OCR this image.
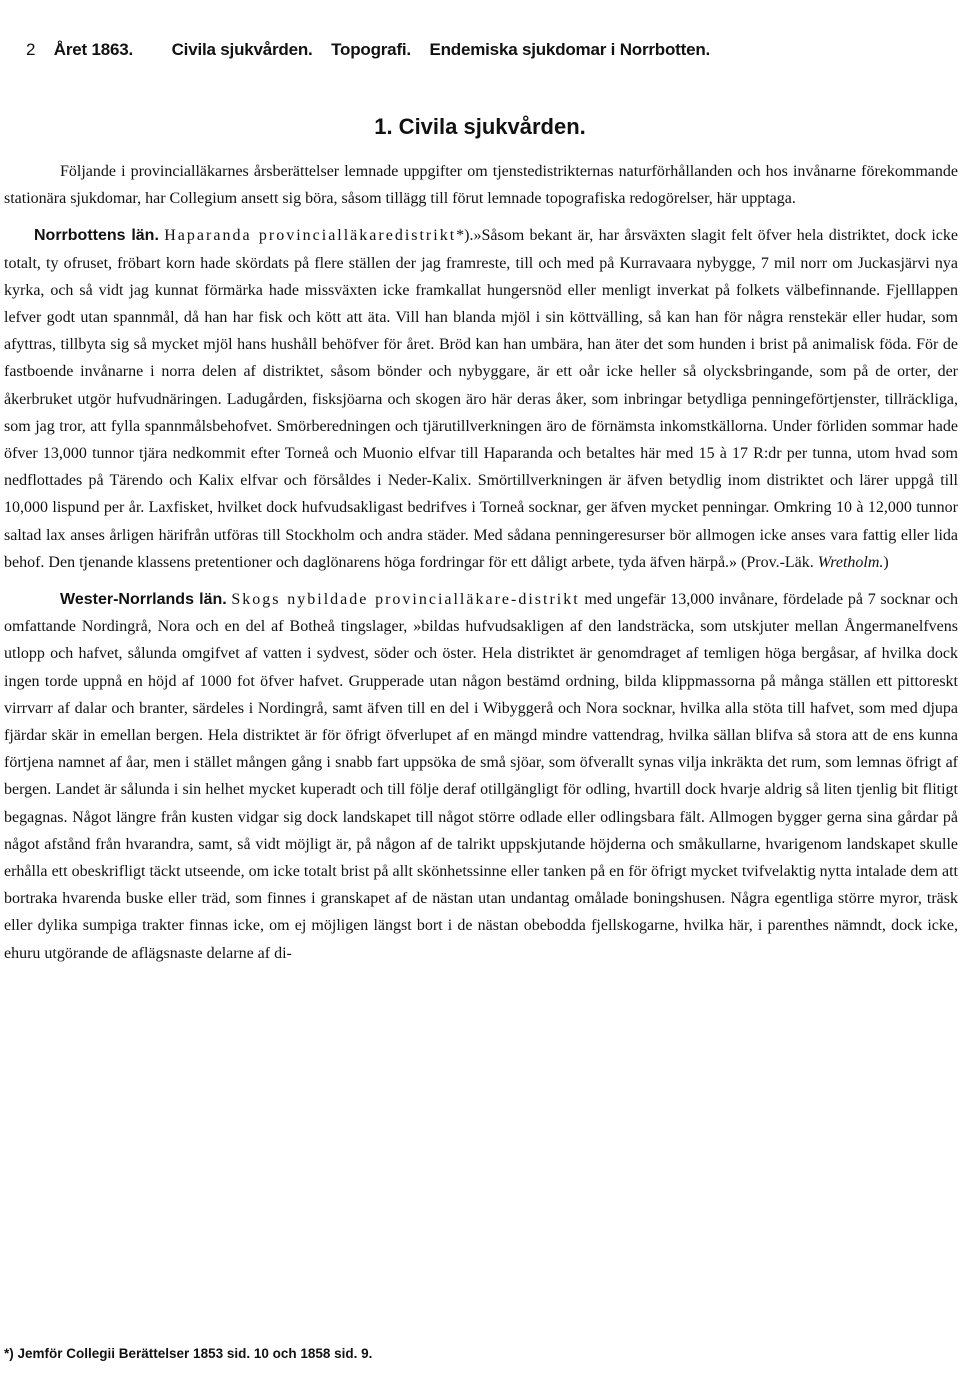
2 Året 1863. Civila sjukvården. Topografi. Endemiska sjukdomar i Norrbotten.
1. Civila sjukvården.

Följande i provincialläkarnes årsberättelser lemnade uppgifter om tjenstedistrikternas naturförhållanden och hos invånarne förekommande stationära sjukdomar, har Collegium ansett sig böra, såsom tillägg till förut lemnade topografiska redogörelser, här upptaga.

Norrbottens län. Haparanda provincialläkaredistrikt*).»Såsom bekant är, har årsväxten slagit felt öfver hela distriktet, dock icke totalt, ty ofruset, fröbart korn hade skördats på flere ställen der jag framreste, till och med på Kurravaara nybygge, 7 mil norr om Juckasjärvi nya kyrka, och så vidt jag kunnat förmärka hade missväxten icke framkallat hungersnöd eller menligt inverkat på folkets välbefinnande. Fjelllappen lefver godt utan spannmål, då han har fisk och kött att äta. Vill han blanda mjöl i sin köttvälling, så kan han för några renstekär eller hudar, som afyttras, tillbyta sig så mycket mjöl hans hushåll behöfver för året. Bröd kan han umbära, han äter det som hunden i brist på animalisk föda. För de fastboende invånarne i norra delen af distriktet, såsom bönder och nybyggare, är ett oår icke heller så olycksbringande, som på de orter, der åkerbruket utgör hufvudnäringen. Ladugården, fisksjöarna och skogen äro här deras åker, som inbringar betydliga penningeförtjenster, tillräckliga, som jag tror, att fylla spannmålsbehofvet. Smörberedningen och tjärutillverkningen äro de förnämsta inkomstkällorna. Under förliden sommar hade öfver 13,000 tunnor tjära nedkommit efter Torneå och Muonio elfvar till Haparanda och betaltes här med 15 à 17 R:dr per tunna, utom hvad som nedflottades på Tärendo och Kalix elfvar och försåldes i Neder-Kalix. Smörtillverkningen är äfven betydlig inom distriktet och lärer uppgå till 10,000 lispund per år. Laxfisket, hvilket dock hufvudsakligast bedrifves i Torneå socknar, ger äfven mycket penningar. Omkring 10 à 12,000 tunnor saltad lax anses årligen härifrån utföras till Stockholm och andra städer. Med sådana penningeresurser bör allmogen icke anses vara fattig eller lida behof. Den tjenande klassens pretentioner och daglönarens höga fordringar för ett dåligt arbete, tyda äfven härpå.» (Prov.-Läk. Wretholm.)

Wester-Norrlands län. Skogs nybildade provincialläkare-distrikt med ungefär 13,000 invånare, fördelade på 7 socknar och omfattande Nordingrå, Nora och en del af Botheå tingslager, »bildas hufvudsakligen af den landsträcka, som utskjuter mellan Ångermanelfvens utlopp och hafvet, sålunda omgifvet af vatten i sydvest, söder och öster. Hela distriktet är genomdraget af temligen höga bergåsar, af hvilka dock ingen torde uppnå en höjd af 1000 fot öfver hafvet. Grupperade utan någon bestämd ordning, bilda klippmassorna på många ställen ett pittoreskt virrvarr af dalar och branter, särdeles i Nordingrå, samt äfven till en del i Wibyggerå och Nora socknar, hvilka alla stöta till hafvet, som med djupa fjärdar skär in emellan bergen. Hela distriktet är för öfrigt öfverlupet af en mängd mindre vattendrag, hvilka sällan blifva så stora att de ens kunna förtjena namnet af åar, men i stället mången gång i snabb fart uppsöka de små sjöar, som öfverallt synas vilja inkräkta det rum, som lemnas öfrigt af bergen. Landet är sålunda i sin helhet mycket kuperadt och till följe deraf otillgängligt för odling, hvartill dock hvarje aldrig så liten tjenlig bit flitigt begagnas. Något längre från kusten vidgar sig dock landskapet till något större odlade eller odlingsbara fält. Allmogen bygger gerna sina gårdar på något afstånd från hvarandra, samt, så vidt möjligt är, på någon af de talrikt uppskjutande höjderna och småkullarne, hvarigenom landskapet skulle erhålla ett obeskrifligt täckt utseende, om icke totalt brist på allt skönhetssinne eller tanken på en för öfrigt mycket tvifvelaktig nytta intalade dem att bortraka hvarenda buske eller träd, som finnes i granskapet af de nästan utan undantag omålade boningshusen. Några egentliga större myror, träsk eller dylika sumpiga trakter finnas icke, om ej möjligen längst bort i de nästan obebodda fjellskogarne, hvilka här, i parenthes nämndt, dock icke, ehuru utgörande de aflägsnaste delarne af di-

*) Jemför Collegii Berättelser 1853 sid. 10 och 1858 sid. 9.
